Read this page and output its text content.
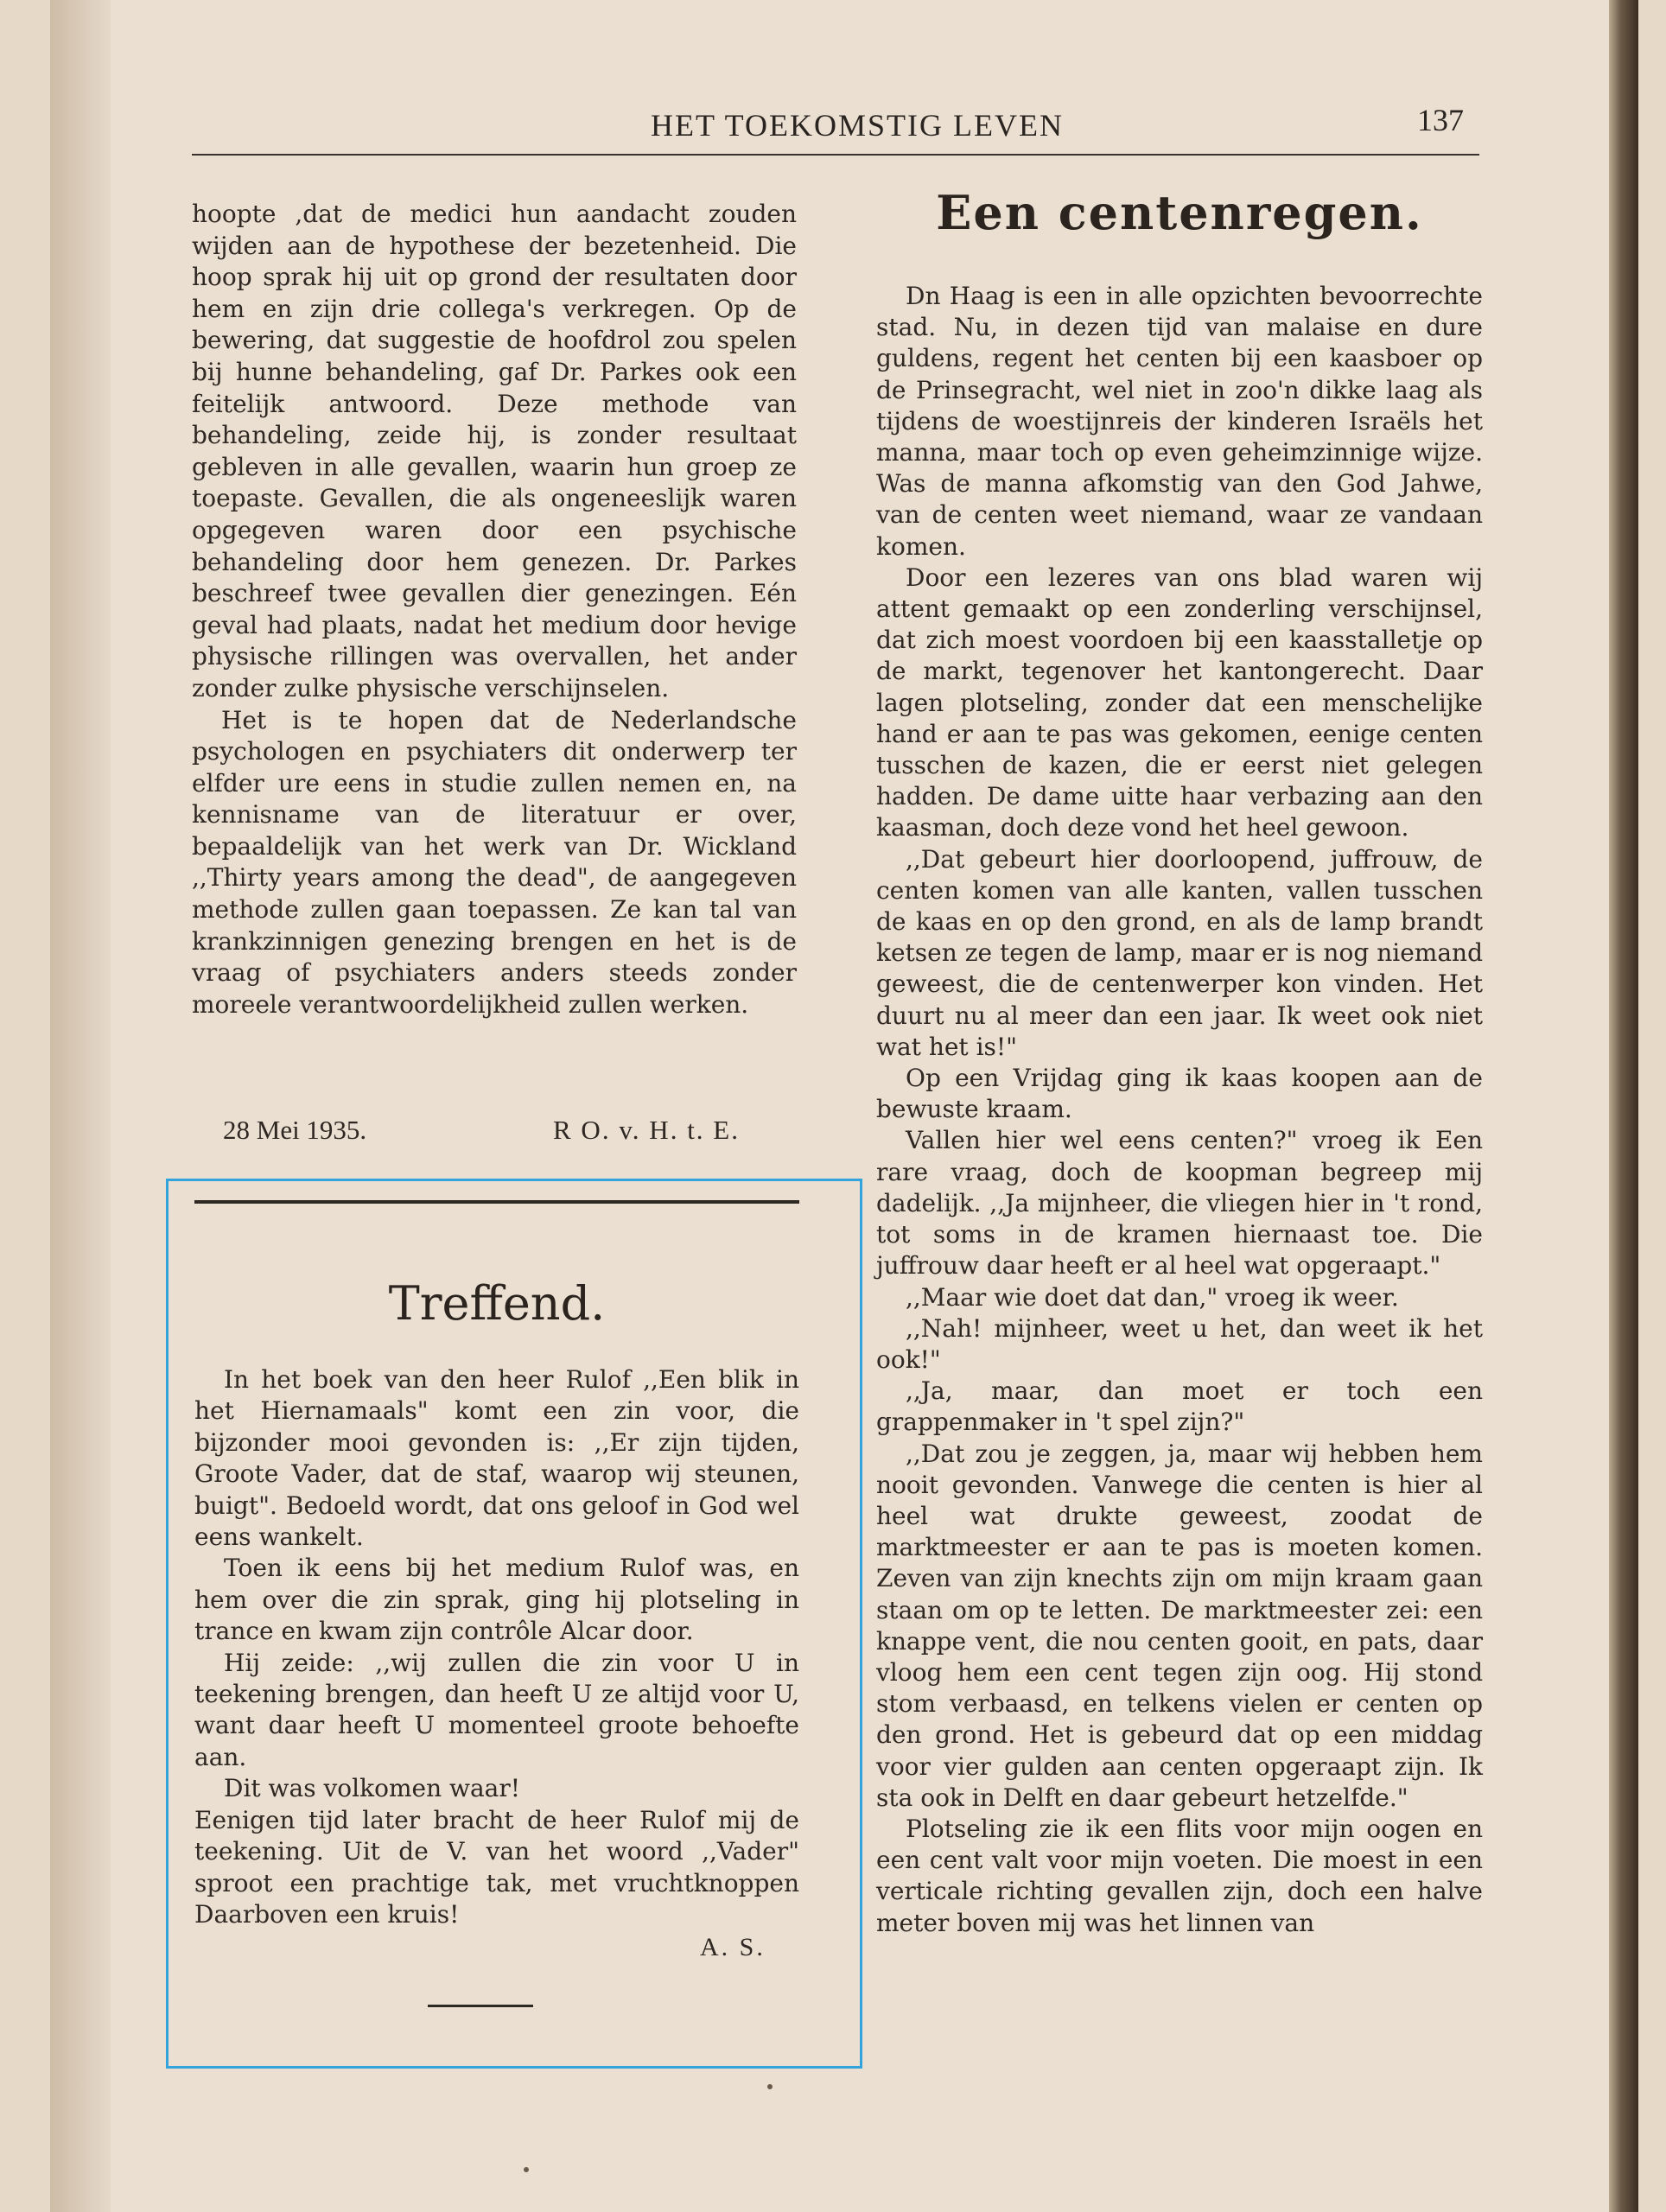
HET TOEKOMSTIG LEVEN	137

hoopte ,dat de medici hun aandacht zouden wijden aan de hypothese der bezetenheid. Die hoop sprak hij uit op grond der resultaten door hem en zijn drie collega's verkregen. Op de bewering, dat suggestie de hoofdrol zou spelen bij hunne behandeling, gaf Dr. Parkes ook een feitelijk antwoord. Deze methode van behandeling, zeide hij, is zonder resultaat gebleven in alle gevallen, waarin hun groep ze toepaste. Gevallen, die als ongeneeslijk waren opgegeven waren door een psychische behandeling door hem genezen. Dr. Parkes beschreef twee gevallen dier genezingen. Eén geval had plaats, nadat het medium door hevige physische rillingen was overvallen, het ander zonder zulke physische verschijnselen.

Het is te hopen dat de Nederlandsche psychologen en psychiaters dit onderwerp ter elfder ure eens in studie zullen nemen en, na kennisname van de literatuur er over, bepaaldelijk van het werk van Dr. Wickland ,,Thirty years among the dead", de aangegeven methode zullen gaan toepassen. Ze kan tal van krankzinnigen genezing brengen en het is de vraag of psychiaters anders steeds zonder moreele verantwoordelijkheid zullen werken.

28 Mei 1935.	R O. v. H. t. E.
Treffend.

In het boek van den heer Rulof ,,Een blik in het Hiernamaals" komt een zin voor, die bijzonder mooi gevonden is: ,,Er zijn tijden, Groote Vader, dat de staf, waarop wij steunen, buigt". Bedoeld wordt, dat ons geloof in God wel eens wankelt.

Toen ik eens bij het medium Rulof was, en hem over die zin sprak, ging hij plotseling in trance en kwam zijn contrôle Alcar door.

Hij zeide: ,,wij zullen die zin voor U in teekening brengen, dan heeft U ze altijd voor U, want daar heeft U momenteel groote behoefte aan.

Dit was volkomen waar!

Eenigen tijd later bracht de heer Rulof mij de teekening. Uit de V. van het woord ,,Vader" sproot een prachtige tak, met vruchtknoppen Daarboven een kruis!

A. S.
Een centenregen.

Dn Haag is een in alle opzichten bevoorrechte stad. Nu, in dezen tijd van malaise en dure guldens, regent het centen bij een kaasboer op de Prinsegracht, wel niet in zoo'n dikke laag als tijdens de woestijnreis der kinderen Israëls het manna, maar toch op even geheimzinnige wijze. Was de manna afkomstig van den God Jahwe, van de centen weet niemand, waar ze vandaan komen.

Door een lezeres van ons blad waren wij attent gemaakt op een zonderling verschijnsel, dat zich moest voordoen bij een kaasstalletje op de markt, tegenover het kantongerecht. Daar lagen plotseling, zonder dat een menschelijke hand er aan te pas was gekomen, eenige centen tusschen de kazen, die er eerst niet gelegen hadden. De dame uitte haar verbazing aan den kaasman, doch deze vond het heel gewoon.

,,Dat gebeurt hier doorloopend, juffrouw, de centen komen van alle kanten, vallen tusschen de kaas en op den grond, en als de lamp brandt ketsen ze tegen de lamp, maar er is nog niemand geweest, die de centenwerper kon vinden. Het duurt nu al meer dan een jaar. Ik weet ook niet wat het is!"

Op een Vrijdag ging ik kaas koopen aan de bewuste kraam.

Vallen hier wel eens centen?" vroeg ik Een rare vraag, doch de koopman begreep mij dadelijk. ,,Ja mijnheer, die vliegen hier in 't rond, tot soms in de kramen hiernaast toe. Die juffrouw daar heeft er al heel wat opgeraapt."

,,Maar wie doet dat dan," vroeg ik weer.

,,Nah! mijnheer, weet u het, dan weet ik het ook!"

,,Ja, maar, dan moet er toch een grappenmaker in 't spel zijn?"

,,Dat zou je zeggen, ja, maar wij hebben hem nooit gevonden. Vanwege die centen is hier al heel wat drukte geweest, zoodat de marktmeester er aan te pas is moeten komen. Zeven van zijn knechts zijn om mijn kraam gaan staan om op te letten. De marktmeester zei: een knappe vent, die nou centen gooit, en pats, daar vloog hem een cent tegen zijn oog. Hij stond stom verbaasd, en telkens vielen er centen op den grond. Het is gebeurd dat op een middag voor vier gulden aan centen opgeraapt zijn. Ik sta ook in Delft en daar gebeurt hetzelfde."

Plotseling zie ik een flits voor mijn oogen en een cent valt voor mijn voeten. Die moest in een verticale richting gevallen zijn, doch een halve meter boven mij was het linnen van
